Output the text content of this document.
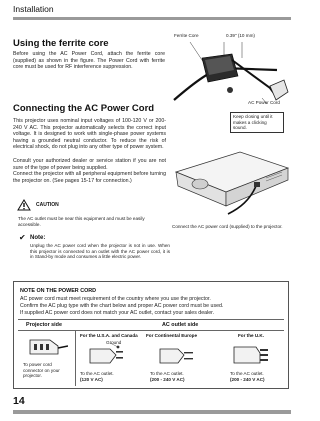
Installation
Using the ferrite core
Before using the AC Power Cord, attach the ferrite core (supplied) as shown in the figure. The Power Cord with ferrite core must be used for RF interference suppression.
Ferrite Core	0.39" (10 mm)
AC Power Cord
Keep closing until it makes a clicking sound.
Connecting the AC Power Cord
This projector uses nominal input voltages of 100-120 V or 200-240 V AC. This projector automatically selects the correct input voltage. It is designed to work with single-phase power systems having a grounded neutral conductor. To reduce the risk of electrical shock, do not plug into any other type of power system.
Consult your authorized dealer or service station if you are not sure of the type of power being supplied.
Connect the projector with all peripheral equipment before turning the projector on. (See pages 15-17 for connection.)
Connect the AC power cord (supplied) to the projector.
CAUTION
The AC outlet must be near this equipment and must be easily accessible.
✔ Note:
Unplug the AC power cord when the projector is not in use. When this projector is connected to an outlet with the AC power cord, it is in Stand-by mode and consumes a little electric power.
NOTE ON THE POWER CORD
AC power cord must meet requirement of the country where you use the projector.
Confirm the AC plug type with the chart below and proper AC power cord must be used.
If supplied AC power cord does not match your AC outlet, contact your sales dealer.
Projector side	AC outlet side
To power cord connector on your projector.
For the U.S.A. and Canada
Ground
To the AC outlet.
(120 V AC)
For Continental Europe
To the AC outlet.
(200 - 240 V AC)
For the U.K.
To the AC outlet.
(200 - 240 V AC)
14
